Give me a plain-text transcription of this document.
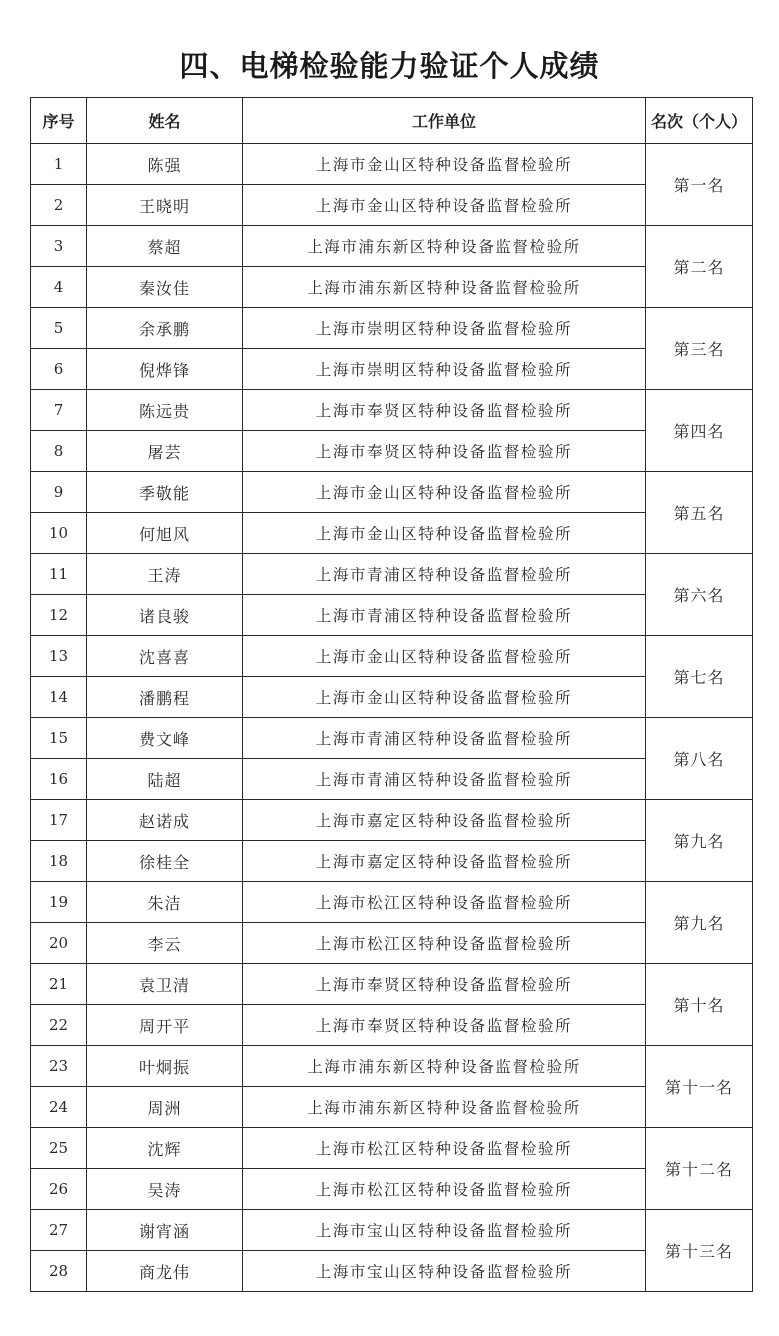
四、电梯检验能力验证个人成绩
序号	姓名	工作单位	名次（个人）
1	陈强	上海市金山区特种设备监督检验所	第一名
2	王晓明	上海市金山区特种设备监督检验所	
3	蔡超	上海市浦东新区特种设备监督检验所	第二名
4	秦汝佳	上海市浦东新区特种设备监督检验所	
5	余承鹏	上海市崇明区特种设备监督检验所	第三名
6	倪烨锋	上海市崇明区特种设备监督检验所	
7	陈远贵	上海市奉贤区特种设备监督检验所	第四名
8	屠芸	上海市奉贤区特种设备监督检验所	
9	季敬能	上海市金山区特种设备监督检验所	第五名
10	何旭风	上海市金山区特种设备监督检验所	
11	王涛	上海市青浦区特种设备监督检验所	第六名
12	诸良骏	上海市青浦区特种设备监督检验所	
13	沈喜喜	上海市金山区特种设备监督检验所	第七名
14	潘鹏程	上海市金山区特种设备监督检验所	
15	费文峰	上海市青浦区特种设备监督检验所	第八名
16	陆超	上海市青浦区特种设备监督检验所	
17	赵诺成	上海市嘉定区特种设备监督检验所	第九名
18	徐桂全	上海市嘉定区特种设备监督检验所	
19	朱洁	上海市松江区特种设备监督检验所	第九名
20	李云	上海市松江区特种设备监督检验所	
21	袁卫清	上海市奉贤区特种设备监督检验所	第十名
22	周开平	上海市奉贤区特种设备监督检验所	
23	叶炯振	上海市浦东新区特种设备监督检验所	第十一名
24	周洲	上海市浦东新区特种设备监督检验所	
25	沈辉	上海市松江区特种设备监督检验所	第十二名
26	吴涛	上海市松江区特种设备监督检验所	
27	谢宵涵	上海市宝山区特种设备监督检验所	第十三名
28	商龙伟	上海市宝山区特种设备监督检验所	
